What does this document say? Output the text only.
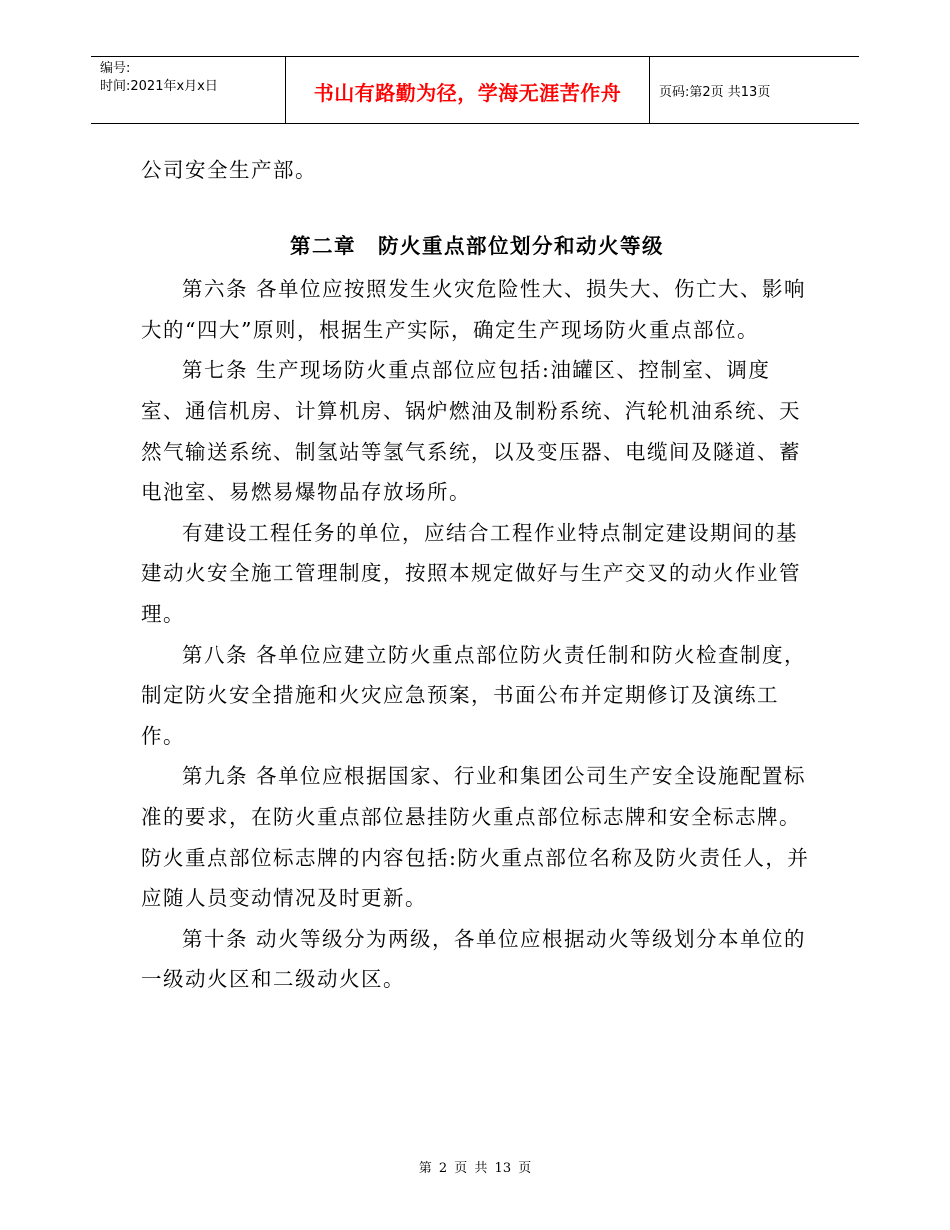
编号:
时间:2021年x月x日	书山有路勤为径，学海无涯苦作舟	页码:第2页 共13页

公司安全生产部。

第二章　防火重点部位划分和动火等级

第六条 各单位应按照发生火灾危险性大、损失大、伤亡大、影响大的“四大”原则，根据生产实际，确定生产现场防火重点部位。

第七条 生产现场防火重点部位应包括:油罐区、控制室、调度室、通信机房、计算机房、锅炉燃油及制粉系统、汽轮机油系统、天然气输送系统、制氢站等氢气系统，以及变压器、电缆间及隧道、蓄电池室、易燃易爆物品存放场所。

有建设工程任务的单位，应结合工程作业特点制定建设期间的基建动火安全施工管理制度，按照本规定做好与生产交叉的动火作业管理。

第八条 各单位应建立防火重点部位防火责任制和防火检查制度，制定防火安全措施和火灾应急预案，书面公布并定期修订及演练工作。

第九条 各单位应根据国家、行业和集团公司生产安全设施配置标准的要求，在防火重点部位悬挂防火重点部位标志牌和安全标志牌。防火重点部位标志牌的内容包括:防火重点部位名称及防火责任人，并应随人员变动情况及时更新。

第十条 动火等级分为两级，各单位应根据动火等级划分本单位的一级动火区和二级动火区。

第 2 页 共 13 页
